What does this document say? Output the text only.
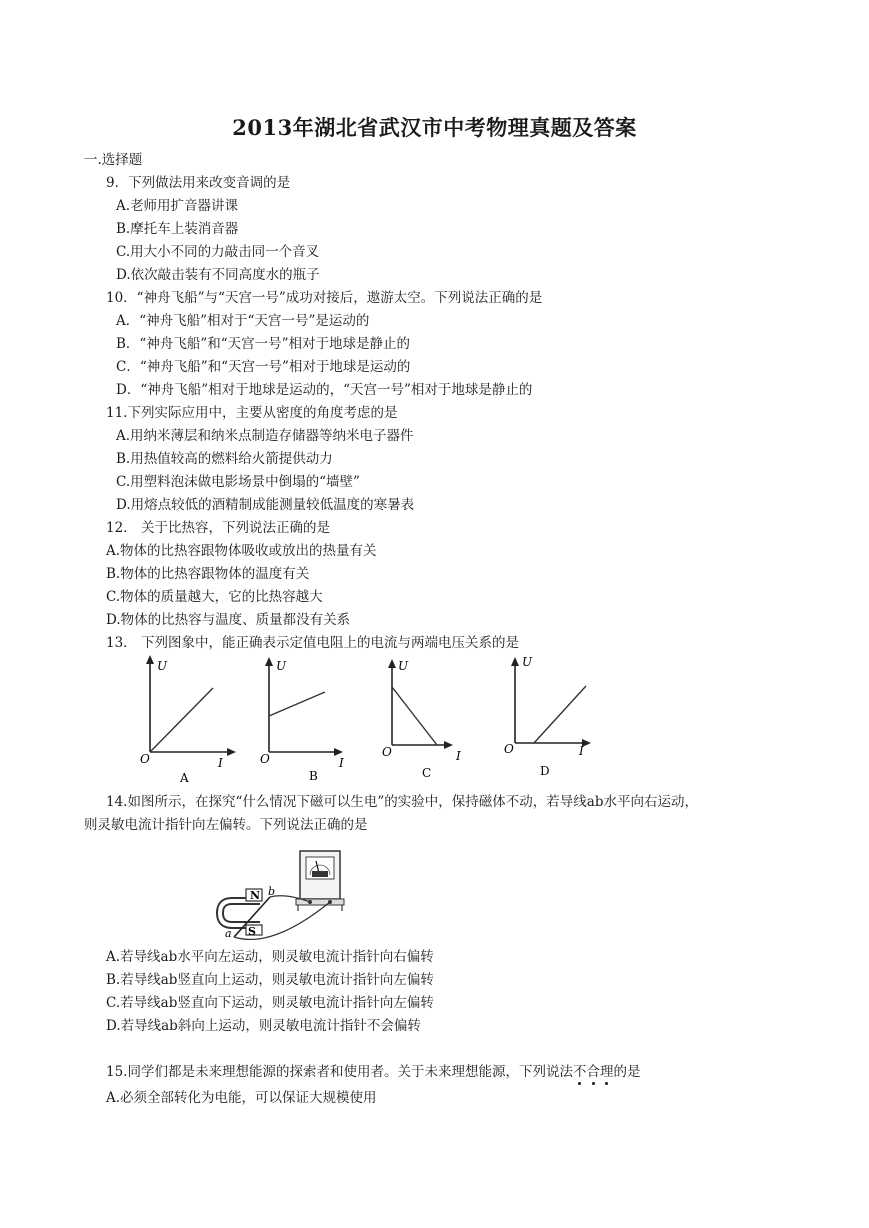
2013年湖北省武汉市中考物理真题及答案
一.选择题
9．下列做法用来改变音调的是
A.老师用扩音器讲课
B.摩托车上装消音器
C.用大小不同的力敲击同一个音叉
D.依次敲击装有不同高度水的瓶子
10．“神舟飞船”与“天宫一号”成功对接后，遨游太空。下列说法正确的是
A．“神舟飞船”相对于“天宫一号”是运动的
B．“神舟飞船”和“天宫一号”相对于地球是静止的
C．“神舟飞船”和“天宫一号”相对于地球是运动的
D．“神舟飞船”相对于地球是运动的，“天宫一号”相对于地球是静止的
11.下列实际应用中，主要从密度的角度考虑的是
A.用纳米薄层和纳米点制造存储器等纳米电子器件
B.用热值较高的燃料给火箭提供动力
C.用塑料泡沫做电影场景中倒塌的“墙壁”
D.用熔点较低的酒精制成能测量较低温度的寒暑表
12． 关于比热容，下列说法正确的是
A.物体的比热容跟物体吸收或放出的热量有关
B.物体的比热容跟物体的温度有关
C.物体的质量越大，它的比热容越大
D.物体的比热容与温度、质量都没有关系
13． 下列图象中，能正确表示定值电阻上的电流与两端电压关系的是
U
O	I
A
U
O	I
B
U
O	I
C
U
O	I
D
14.如图所示，在探究“什么情况下磁可以生电”的实验中，保持磁体不动，若导线ab水平向右运动，
则灵敏电流计指针向左偏转。下列说法正确的是
N
S
a
b
A.若导线ab水平向左运动，则灵敏电流计指针向右偏转
B.若导线ab竖直向上运动，则灵敏电流计指针向左偏转
C.若导线ab竖直向下运动，则灵敏电流计指针向左偏转
D.若导线ab斜向上运动，则灵敏电流计指针不会偏转
15.同学们都是未来理想能源的探索者和使用者。关于未来理想能源，下列说法不合理的是
A.必须全部转化为电能，可以保证大规模使用
